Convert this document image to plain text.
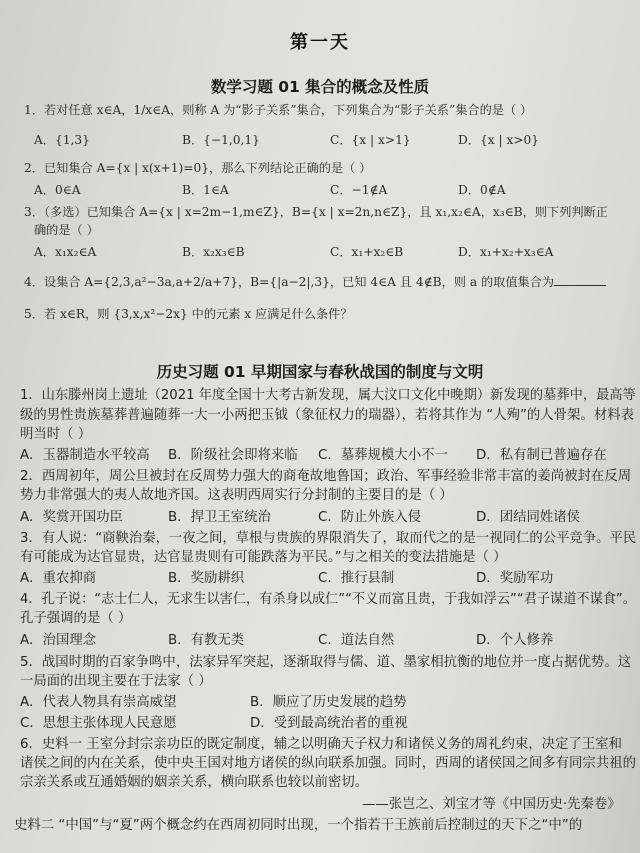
第一天
数学习题 01 集合的概念及性质
1．若对任意 x∈A，1/x∈A，则称 A 为“影子关系”集合，下列集合为“影子关系”集合的是（ ）
A．{1,3}	B．{−1,0,1}	C．{x | x>1}	D．{x | x>0}
2．已知集合 A={x | x(x+1)=0}，那么下列结论正确的是（ ）
A．0∈A	B．1∈A	C．−1∉A	D．0∉A
3．（多选）已知集合 A={x | x=2m−1,m∈Z}，B={x | x=2n,n∈Z}，且 x₁,x₂∈A，x₃∈B，则下列判断正
确的是（ ）
A．x₁x₂∈A	B．x₂x₃∈B	C．x₁+x₂∈B	D．x₁+x₂+x₃∈A
4．设集合 A={2,3,a²−3a,a+2/a+7}，B={|a−2|,3}，已知 4∈A 且 4∉B，则 a 的取值集合为
5．若 x∈R，则 {3,x,x²−2x} 中的元素 x 应满足什么条件？
历史习题 01 早期国家与春秋战国的制度与文明
1．山东滕州岗上遗址（2021 年度全国十大考古新发现，属大汶口文化中晚期）新发现的墓葬中，最高等
级的男性贵族墓葬普遍随葬一大一小两把玉钺（象征权力的瑞器），若将其作为 “人殉”的人骨架。材料表
明当时（ ）
A．玉器制造水平较高 B．阶级社会即将来临 C．墓葬规模大小不一 D．私有制已普遍存在
2．西周初年，周公旦被封在反周势力强大的商奄故地鲁国；政治、军事经验非常丰富的姜尚被封在反周
势力非常强大的夷人故地齐国。这表明西周实行分封制的主要目的是（ ）
A．奖赏开国功臣	B．捍卫王室统治	C．防止外族入侵	D．团结同姓诸侯
3．有人说：“商鞅治秦，一夜之间，草根与贵族的界限消失了，取而代之的是一视同仁的公平竞争。平民
有可能成为达官显贵，达官显贵则有可能跌落为平民。”与之相关的变法措施是（ ）
A．重农抑商	B．奖励耕织	C．推行县制	D．奖励军功
4．孔子说：“志士仁人，无求生以害仁，有杀身以成仁”“不义而富且贵，于我如浮云”“君子谋道不谋食”。
孔子强调的是（ ）
A．治国理念	B．有教无类	C．道法自然	D．个人修养
5．战国时期的百家争鸣中，法家异军突起，逐渐取得与儒、道、墨家相抗衡的地位并一度占据优势。这
一局面的出现主要在于法家（ ）
A．代表人物具有崇高威望	B．顺应了历史发展的趋势
C．思想主张体现人民意愿	D．受到最高统治者的重视
6．史料一 王室分封宗亲功臣的既定制度，辅之以明确天子权力和诸侯义务的周礼约束，决定了王室和
诸侯之间的内在关系，使中央王国对地方诸侯的纵向联系加强。同时，西周的诸侯国之间多有同宗共祖的
宗亲关系或互通婚姻的姻亲关系，横向联系也较以前密切。
——张岂之、刘宝才等《中国历史·先秦卷》
史料二 “中国”与“夏”两个概念约在西周初同时出现，一个指若干王族前后控制过的天下之“中”的
